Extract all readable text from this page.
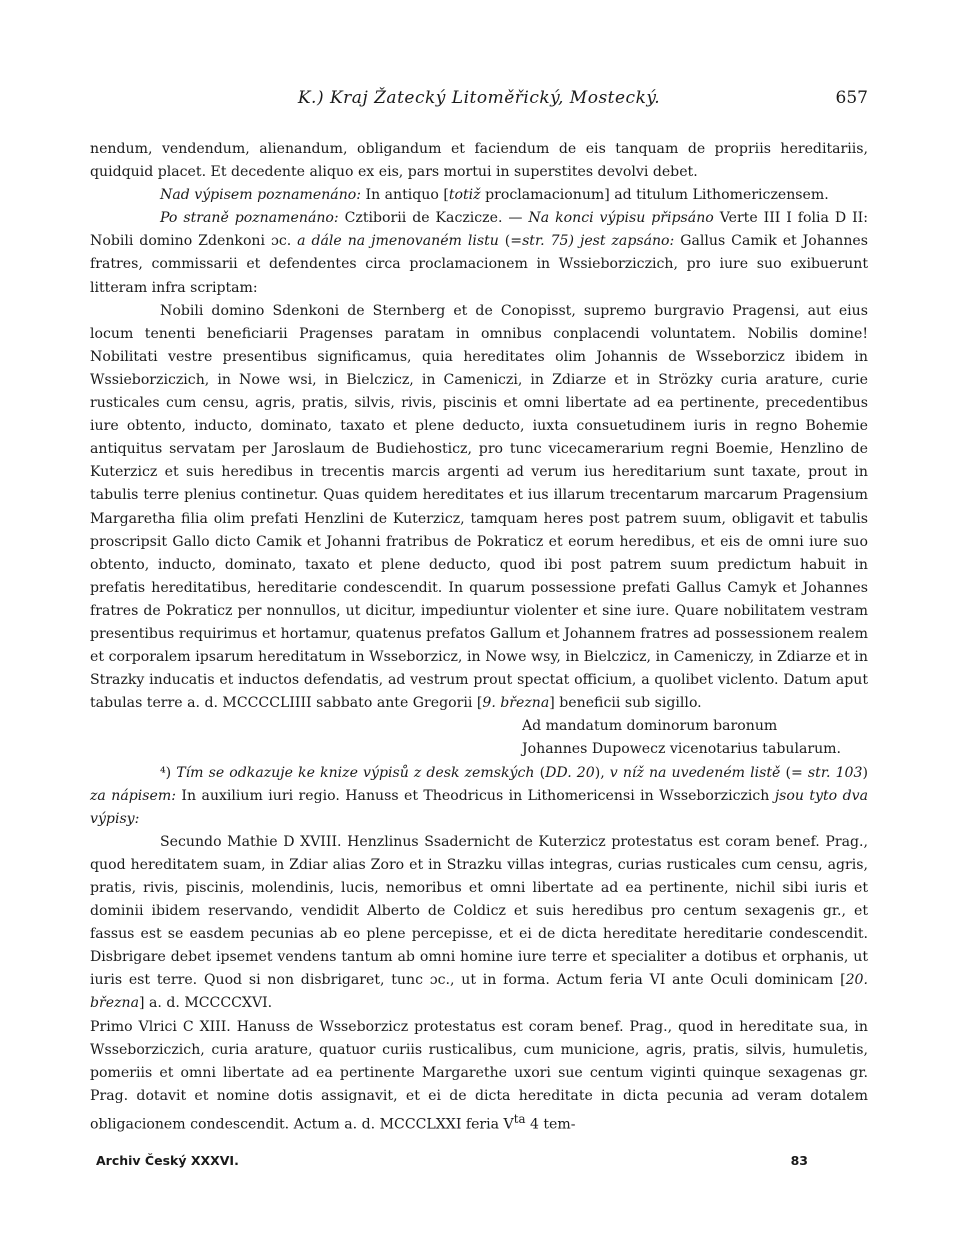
K.) Kraj Žatecký Litoměřický, Mostecký.	657

nendum, vendendum, alienandum, obligandum et faciendum de eis tanquam de propriis hereditariis, quidquid placet. Et decedente aliquo ex eis, pars mortui in superstites devolvi debet.

Nad výpisem poznamenáno: In antiquo [totiž proclamacionum] ad titulum Lithomericzensem.

Po straně poznamenáno: Cztiborii de Kaczicze. — Na konci výpisu připsáno Verte III I folia D II: Nobili domino Zdenkoni ɔc. a dále na jmenovaném listu (=str. 75) jest zapsáno: Gallus Camik et Johannes fratres, commissarii et defendentes circa proclamacionem in Wssieborziczich, pro iure suo exibuerunt litteram infra scriptam:

Nobili domino Sdenkoni de Sternberg et de Conopisst, supremo burgravio Pragensi, aut eius locum tenenti beneficiarii Pragenses paratam in omnibus conplacendi voluntatem. Nobilis domine! Nobilitati vestre presentibus significamus, quia hereditates olim Johannis de Wsseborzicz ibidem in Wssieborziczich, in Nowe wsi, in Bielczicz, in Cameniczi, in Zdiarze et in Strözky curia arature, curie rusticales cum censu, agris, pratis, silvis, rivis, piscinis et omni libertate ad ea pertinente, precedentibus iure obtento, inducto, dominato, taxato et plene deducto, iuxta consuetudinem iuris in regno Bohemie antiquitus servatam per Jaroslaum de Budiehosticz, pro tunc vicecamerarium regni Boemie, Henzlino de Kuterzicz et suis heredibus in trecentis marcis argenti ad verum ius hereditarium sunt taxate, prout in tabulis terre plenius continetur. Quas quidem hereditates et ius illarum trecentarum marcarum Pragensium Margaretha filia olim prefati Henzlini de Kuterzicz, tamquam heres post patrem suum, obligavit et tabulis proscripsit Gallo dicto Camik et Johanni fratribus de Pokraticz et eorum heredibus, et eis de omni iure suo obtento, inducto, dominato, taxato et plene deducto, quod ibi post patrem suum predictum habuit in prefatis hereditatibus, hereditarie condescendit. In quarum possessione prefati Gallus Camyk et Johannes fratres de Pokraticz per nonnullos, ut dicitur, impediuntur violenter et sine iure. Quare nobilitatem vestram presentibus requirimus et hortamur, quatenus prefatos Gallum et Johannem fratres ad possessionem realem et corporalem ipsarum hereditatum in Wsseborzicz, in Nowe wsy, in Bielczicz, in Cameniczy, in Zdiarze et in Strazky inducatis et inductos defendatis, ad vestrum prout spectat officium, a quolibet viclento. Datum aput tabulas terre a. d. MCCCCLIIII sabbato ante Gregorii [9. března] beneficii sub sigillo.

Ad mandatum dominorum baronum
Johannes Dupowecz vicenotarius tabularum.

⁴) Tím se odkazuje ke knize výpisů z desk zemských (DD. 20), v níž na uvedeném listě (= str. 103) za nápisem: In auxilium iuri regio. Hanuss et Theodricus in Lithomericensi in Wsseborziczich jsou tyto dva výpisy:

Secundo Mathie D XVIII. Henzlinus Ssadernicht de Kuterzicz protestatus est coram benef. Prag., quod hereditatem suam, in Zdiar alias Zoro et in Strazku villas integras, curias rusticales cum censu, agris, pratis, rivis, piscinis, molendinis, lucis, nemoribus et omni libertate ad ea pertinente, nichil sibi iuris et dominii ibidem reservando, vendidit Alberto de Coldicz et suis heredibus pro centum sexagenis gr., et fassus est se easdem pecunias ab eo plene percepisse, et ei de dicta hereditate hereditarie condescendit. Disbrigare debet ipsemet vendens tantum ab omni homine iure terre et specialiter a dotibus et orphanis, ut iuris est terre. Quod si non disbrigaret, tunc ɔc., ut in forma. Actum feria VI ante Oculi dominicam [20. března] a. d. MCCCCXVI.

Primo Vlrici C XIII. Hanuss de Wsseborzicz protestatus est coram benef. Prag., quod in hereditate sua, in Wsseborziczich, curia arature, quatuor curiis rusticalibus, cum municione, agris, pratis, silvis, humuletis, pomeriis et omni libertate ad ea pertinente Margarethe uxori sue centum viginti quinque sexagenas gr. Prag. dotavit et nomine dotis assignavit, et ei de dicta hereditate in dicta pecunia ad veram dotalem obligacionem condescendit. Actum a. d. MCCCLXXI feria $V^{ta}$ 4 tem-

Archiv Český XXXVI.	83
